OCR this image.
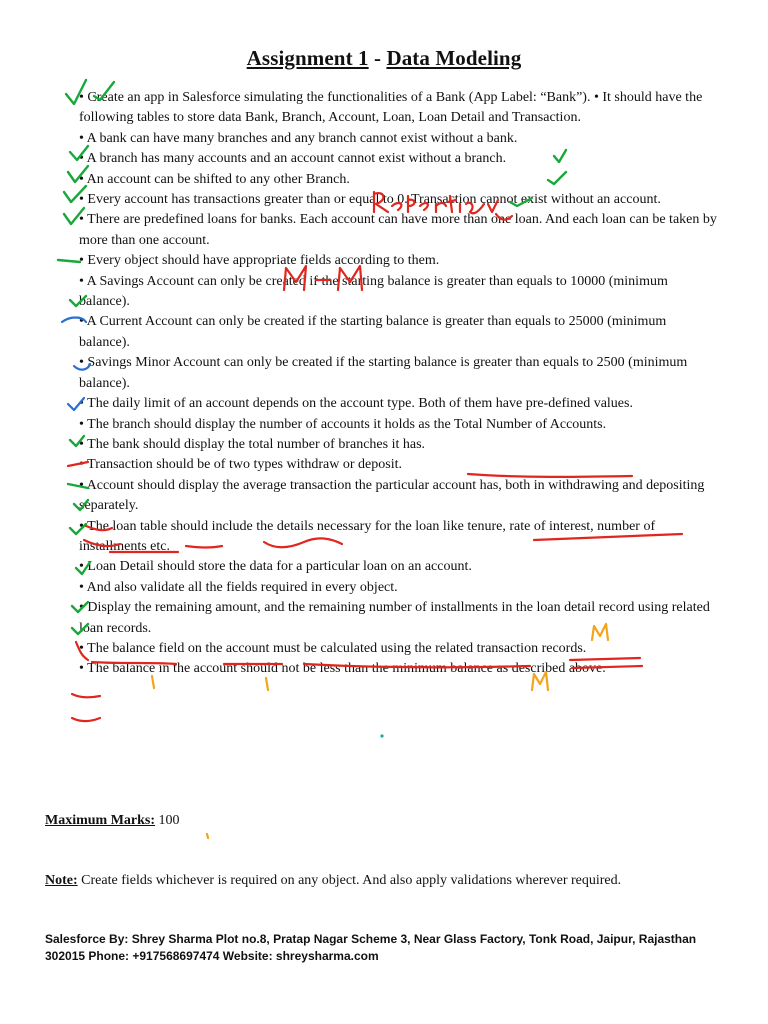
Assignment 1 - Data Modeling
• Create an app in Salesforce simulating the functionalities of a Bank (App Label: “Bank”). • It should have the following tables to store data Bank, Branch, Account, Loan, Loan Detail and Transaction.
• A bank can have many branches and any branch cannot exist without a bank.
• A branch has many accounts and an account cannot exist without a branch.
• An account can be shifted to any other Branch.
• Every account has transactions greater than or equal to 0. Transaction cannot exist without an account.
• There are predefined loans for banks. Each account can have more than one loan. And each loan can be taken by more than one account.
• Every object should have appropriate fields according to them.
• A Savings Account can only be created if the starting balance is greater than equals to 10000 (minimum balance).
• A Current Account can only be created if the starting balance is greater than equals to 25000 (minimum balance).
• Savings Minor Account can only be created if the starting balance is greater than equals to 2500 (minimum balance).
• The daily limit of an account depends on the account type. Both of them have pre-defined values.
• The branch should display the number of accounts it holds as the Total Number of Accounts.
• The bank should display the total number of branches it has.
• Transaction should be of two types withdraw or deposit.
• Account should display the average transaction the particular account has, both in withdrawing and depositing separately.
• The loan table should include the details necessary for the loan like tenure, rate of interest, number of installments etc.
• Loan Detail should store the data for a particular loan on an account.
• And also validate all the fields required in every object.
• Display the remaining amount, and the remaining number of installments in the loan detail record using related loan records.
• The balance field on the account must be calculated using the related transaction records.
• The balance in the account should not be less than the minimum balance as described above.
Maximum Marks: 100
Note: Create fields whichever is required on any object. And also apply validations wherever required.
Salesforce By: Shrey Sharma Plot no.8, Pratap Nagar Scheme 3, Near Glass Factory, Tonk Road, Jaipur, Rajasthan 302015 Phone: +917568697474 Website: shreysharma.com
